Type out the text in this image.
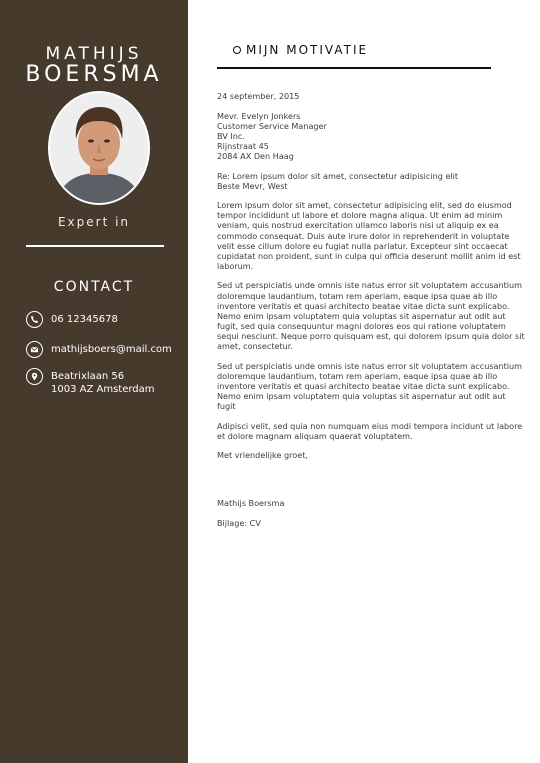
MATHIJS
BOERSMA
Expert in
CONTACT
06 12345678
mathijsboers@mail.com
Beatrixlaan 56
1003 AZ Amsterdam
MIJN MOTIVATIE

24 september, 2015

Mevr. Evelyn Jonkers

Customer Service Manager

BV Inc.

Rijnstraat 45

2084 AX Den Haag

Re: Lorem ipsum dolor sit amet, consectetur adipisicing elit

Beste Mevr, West

Lorem ipsum dolor sit amet, consectetur adipisicing elit, sed do eiusmod tempor incididunt ut labore et dolore magna aliqua. Ut enim ad minim veniam, quis nostrud exercitation ullamco laboris nisi ut aliquip ex ea commodo consequat. Duis aute irure dolor in reprehenderit in voluptate velit esse cillum dolore eu fugiat nulla pariatur. Excepteur sint occaecat cupidatat non proident, sunt in culpa qui officia deserunt mollit anim id est laborum.

Sed ut perspiciatis unde omnis iste natus error sit voluptatem accusantium doloremque laudantium, totam rem aperiam, eaque ipsa quae ab illo inventore veritatis et quasi architecto beatae vitae dicta sunt explicabo. Nemo enim ipsam voluptatem quia voluptas sit aspernatur aut odit aut fugit, sed quia consequuntur magni dolores eos qui ratione voluptatem sequi nesciunt. Neque porro quisquam est, qui dolorem ipsum quia dolor sit amet, consectetur.

Sed ut perspiciatis unde omnis iste natus error sit voluptatem accusantium doloremque laudantium, totam rem aperiam, eaque ipsa quae ab illo inventore veritatis et quasi architecto beatae vitae dicta sunt explicabo. Nemo enim ipsam voluptatem quia voluptas sit aspernatur aut odit aut fugit

Adipisci velit, sed quia non numquam eius modi tempora incidunt ut labore et dolore magnam aliquam quaerat voluptatem.

Met vriendelijke groet,

Mathijs Boersma

Bijlage: CV
